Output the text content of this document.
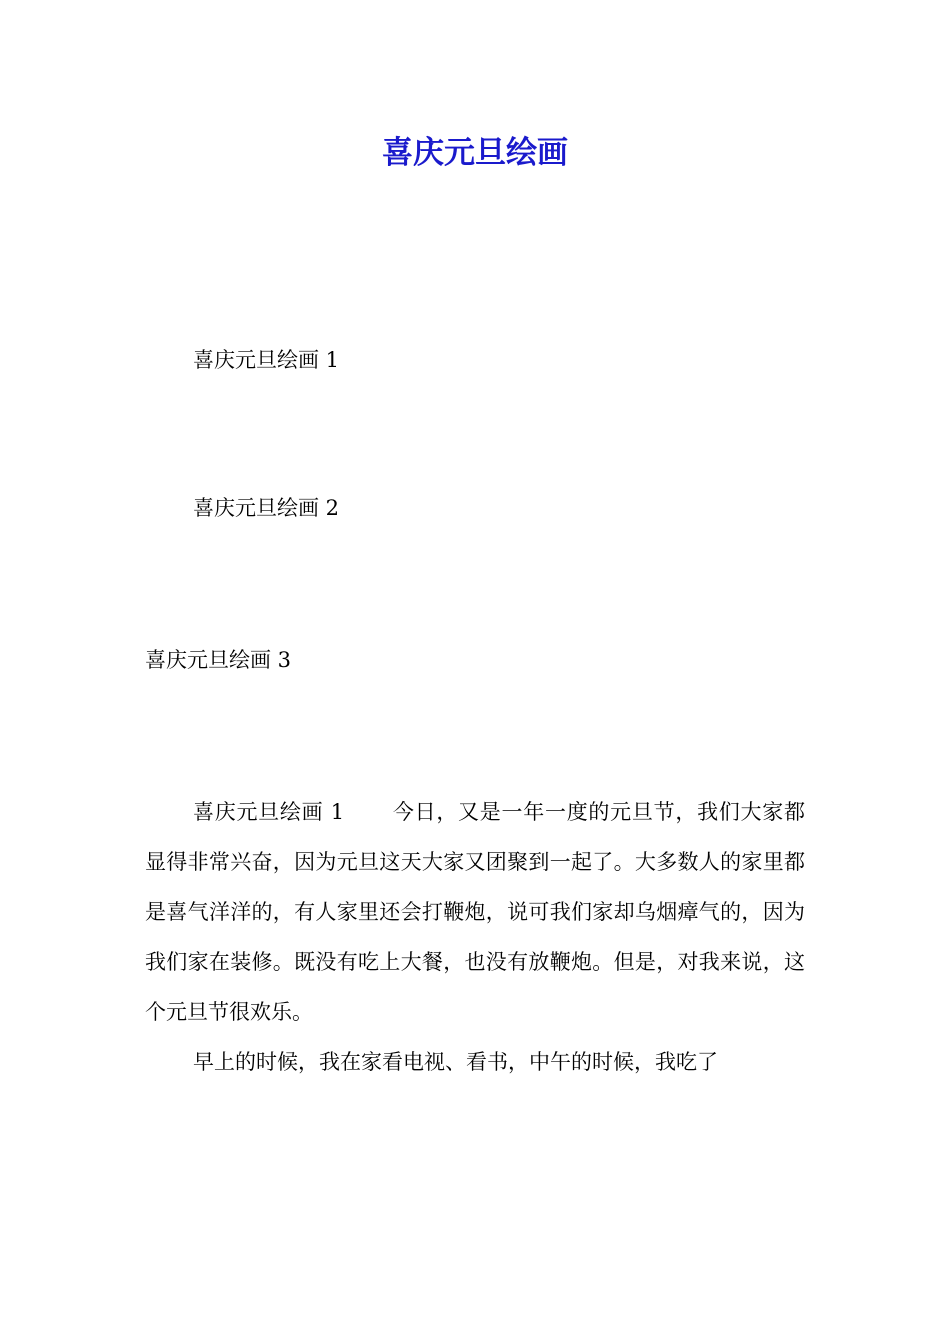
喜庆元旦绘画

喜庆元旦绘画 1

喜庆元旦绘画 2

喜庆元旦绘画 3

喜庆元旦绘画 1 今日，又是一年一度的元旦节，我们大家都显得非常兴奋，因为元旦这天大家又团聚到一起了。大多数人的家里都是喜气洋洋的，有人家里还会打鞭炮，说可我们家却乌烟瘴气的，因为我们家在装修。既没有吃上大餐，也没有放鞭炮。但是，对我来说，这个元旦节很欢乐。

早上的时候，我在家看电视、看书，中午的时候，我吃了
